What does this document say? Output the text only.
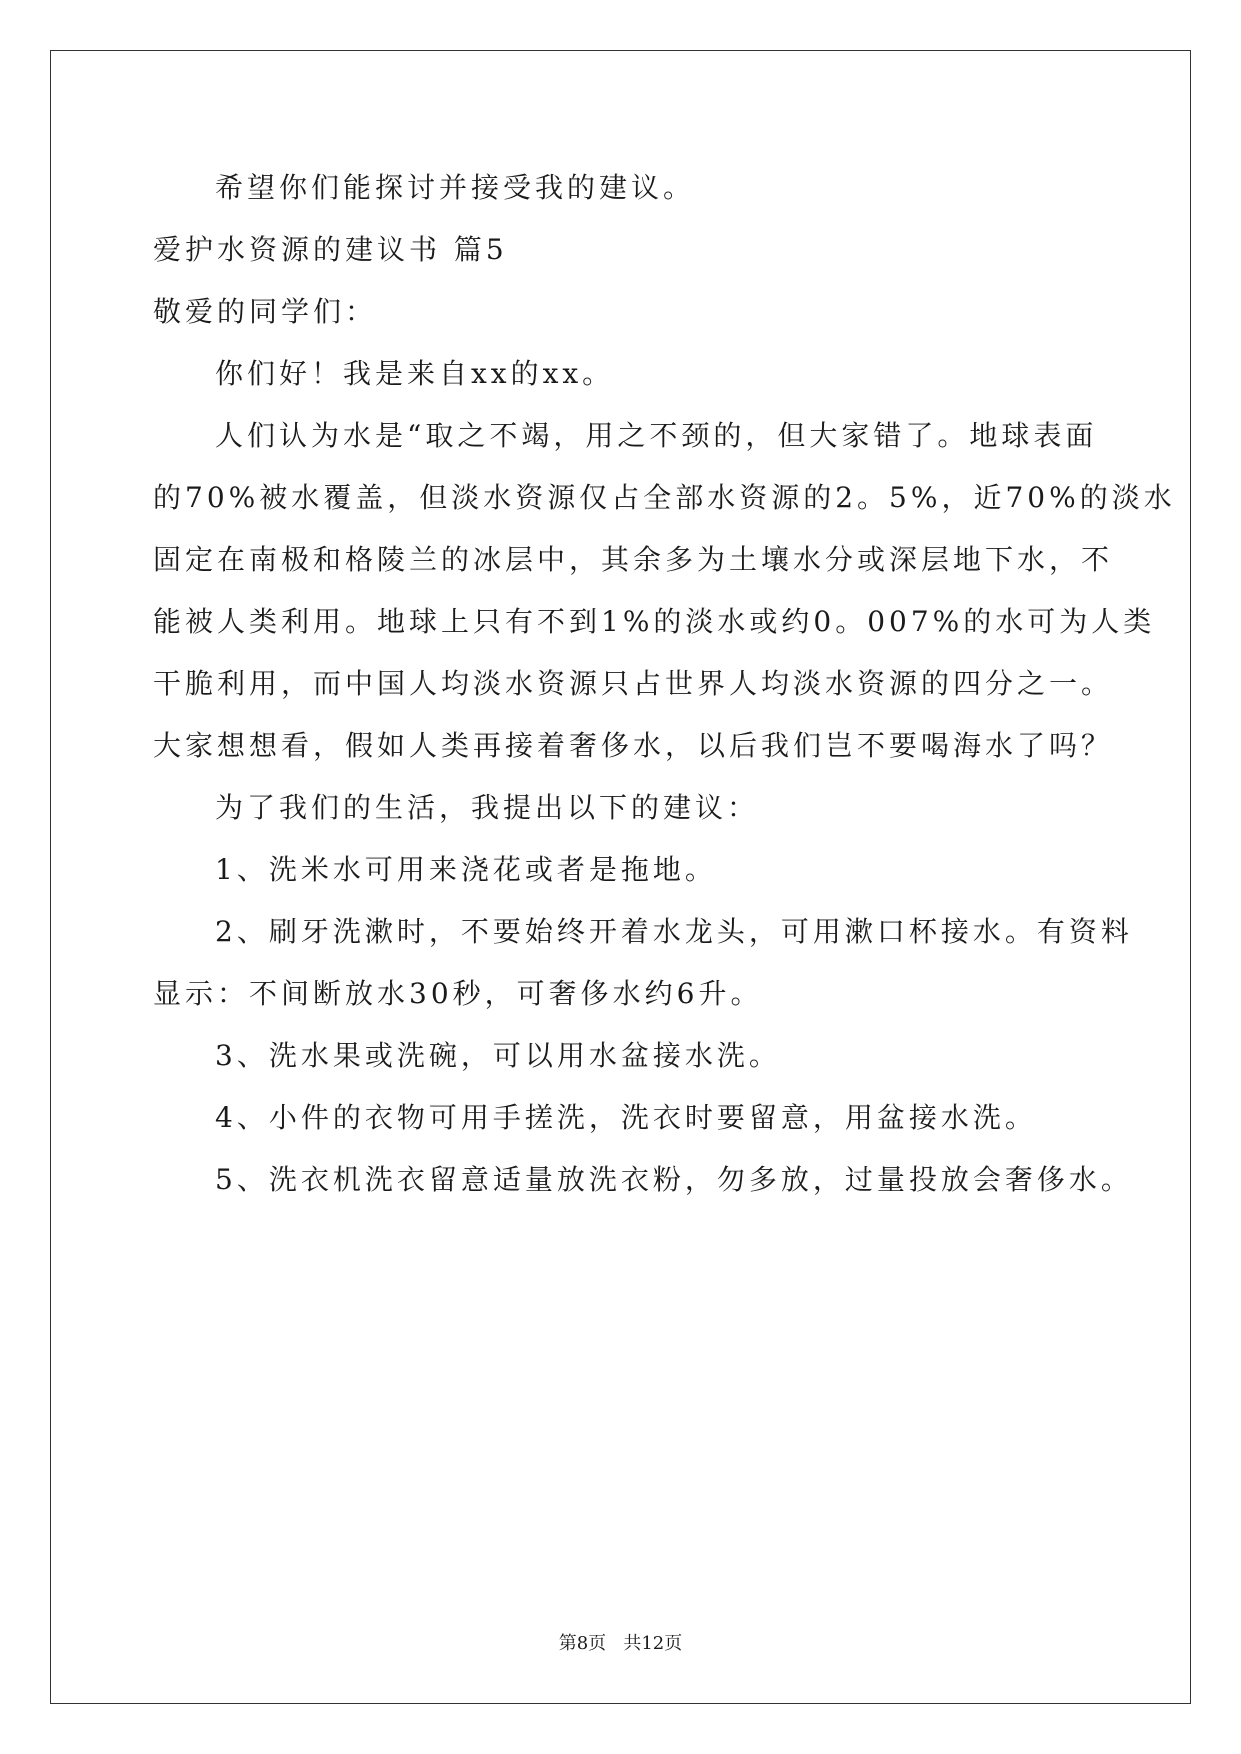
希望你们能探讨并接受我的建议。
爱护水资源的建议书 篇5
敬爱的同学们：
你们好！我是来自xx的xx。
人们认为水是“取之不竭，用之不颈的，但大家错了。地球表面
的70%被水覆盖，但淡水资源仅占全部水资源的2。5%，近70%的淡水
固定在南极和格陵兰的冰层中，其余多为土壤水分或深层地下水，不
能被人类利用。地球上只有不到1%的淡水或约0。007%的水可为人类
干脆利用，而中国人均淡水资源只占世界人均淡水资源的四分之一。
大家想想看，假如人类再接着奢侈水，以后我们岂不要喝海水了吗？
为了我们的生活，我提出以下的建议：
1、洗米水可用来浇花或者是拖地。
2、刷牙洗漱时，不要始终开着水龙头，可用漱口杯接水。有资料
显示：不间断放水30秒，可奢侈水约6升。
3、洗水果或洗碗，可以用水盆接水洗。
4、小件的衣物可用手搓洗，洗衣时要留意，用盆接水洗。
5、洗衣机洗衣留意适量放洗衣粉，勿多放，过量投放会奢侈水。
第8页   共12页
